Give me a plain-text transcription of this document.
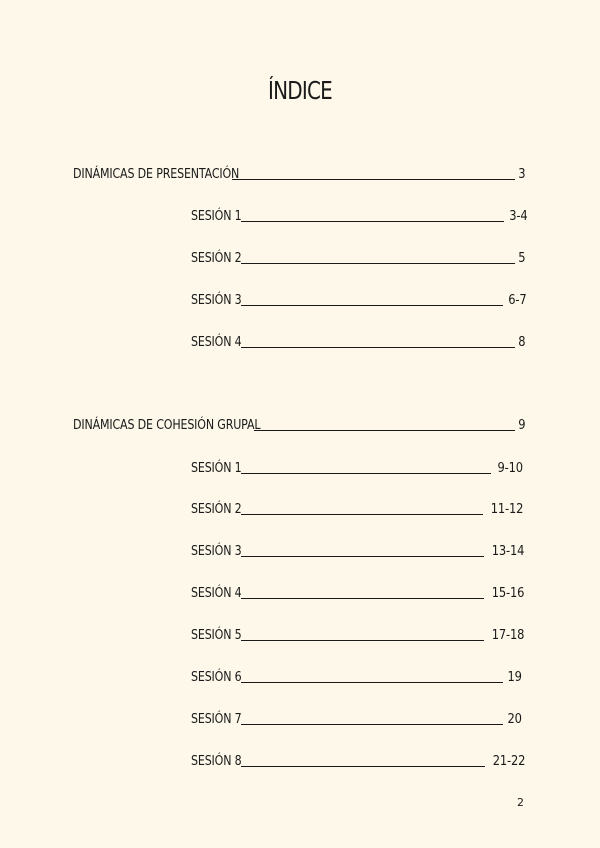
ÍNDICE
DINÁMICAS DE PRESENTACIÓN	3
SESIÓN 1	3-4
SESIÓN 2	5
SESIÓN 3	6-7
SESIÓN 4	8
DINÁMICAS DE COHESIÓN GRUPAL	9
SESIÓN 1	9-10
SESIÓN 2	11-12
SESIÓN 3	13-14
SESIÓN 4	15-16
SESIÓN 5	17-18
SESIÓN 6	19
SESIÓN 7	20
SESIÓN 8	21-22
2
